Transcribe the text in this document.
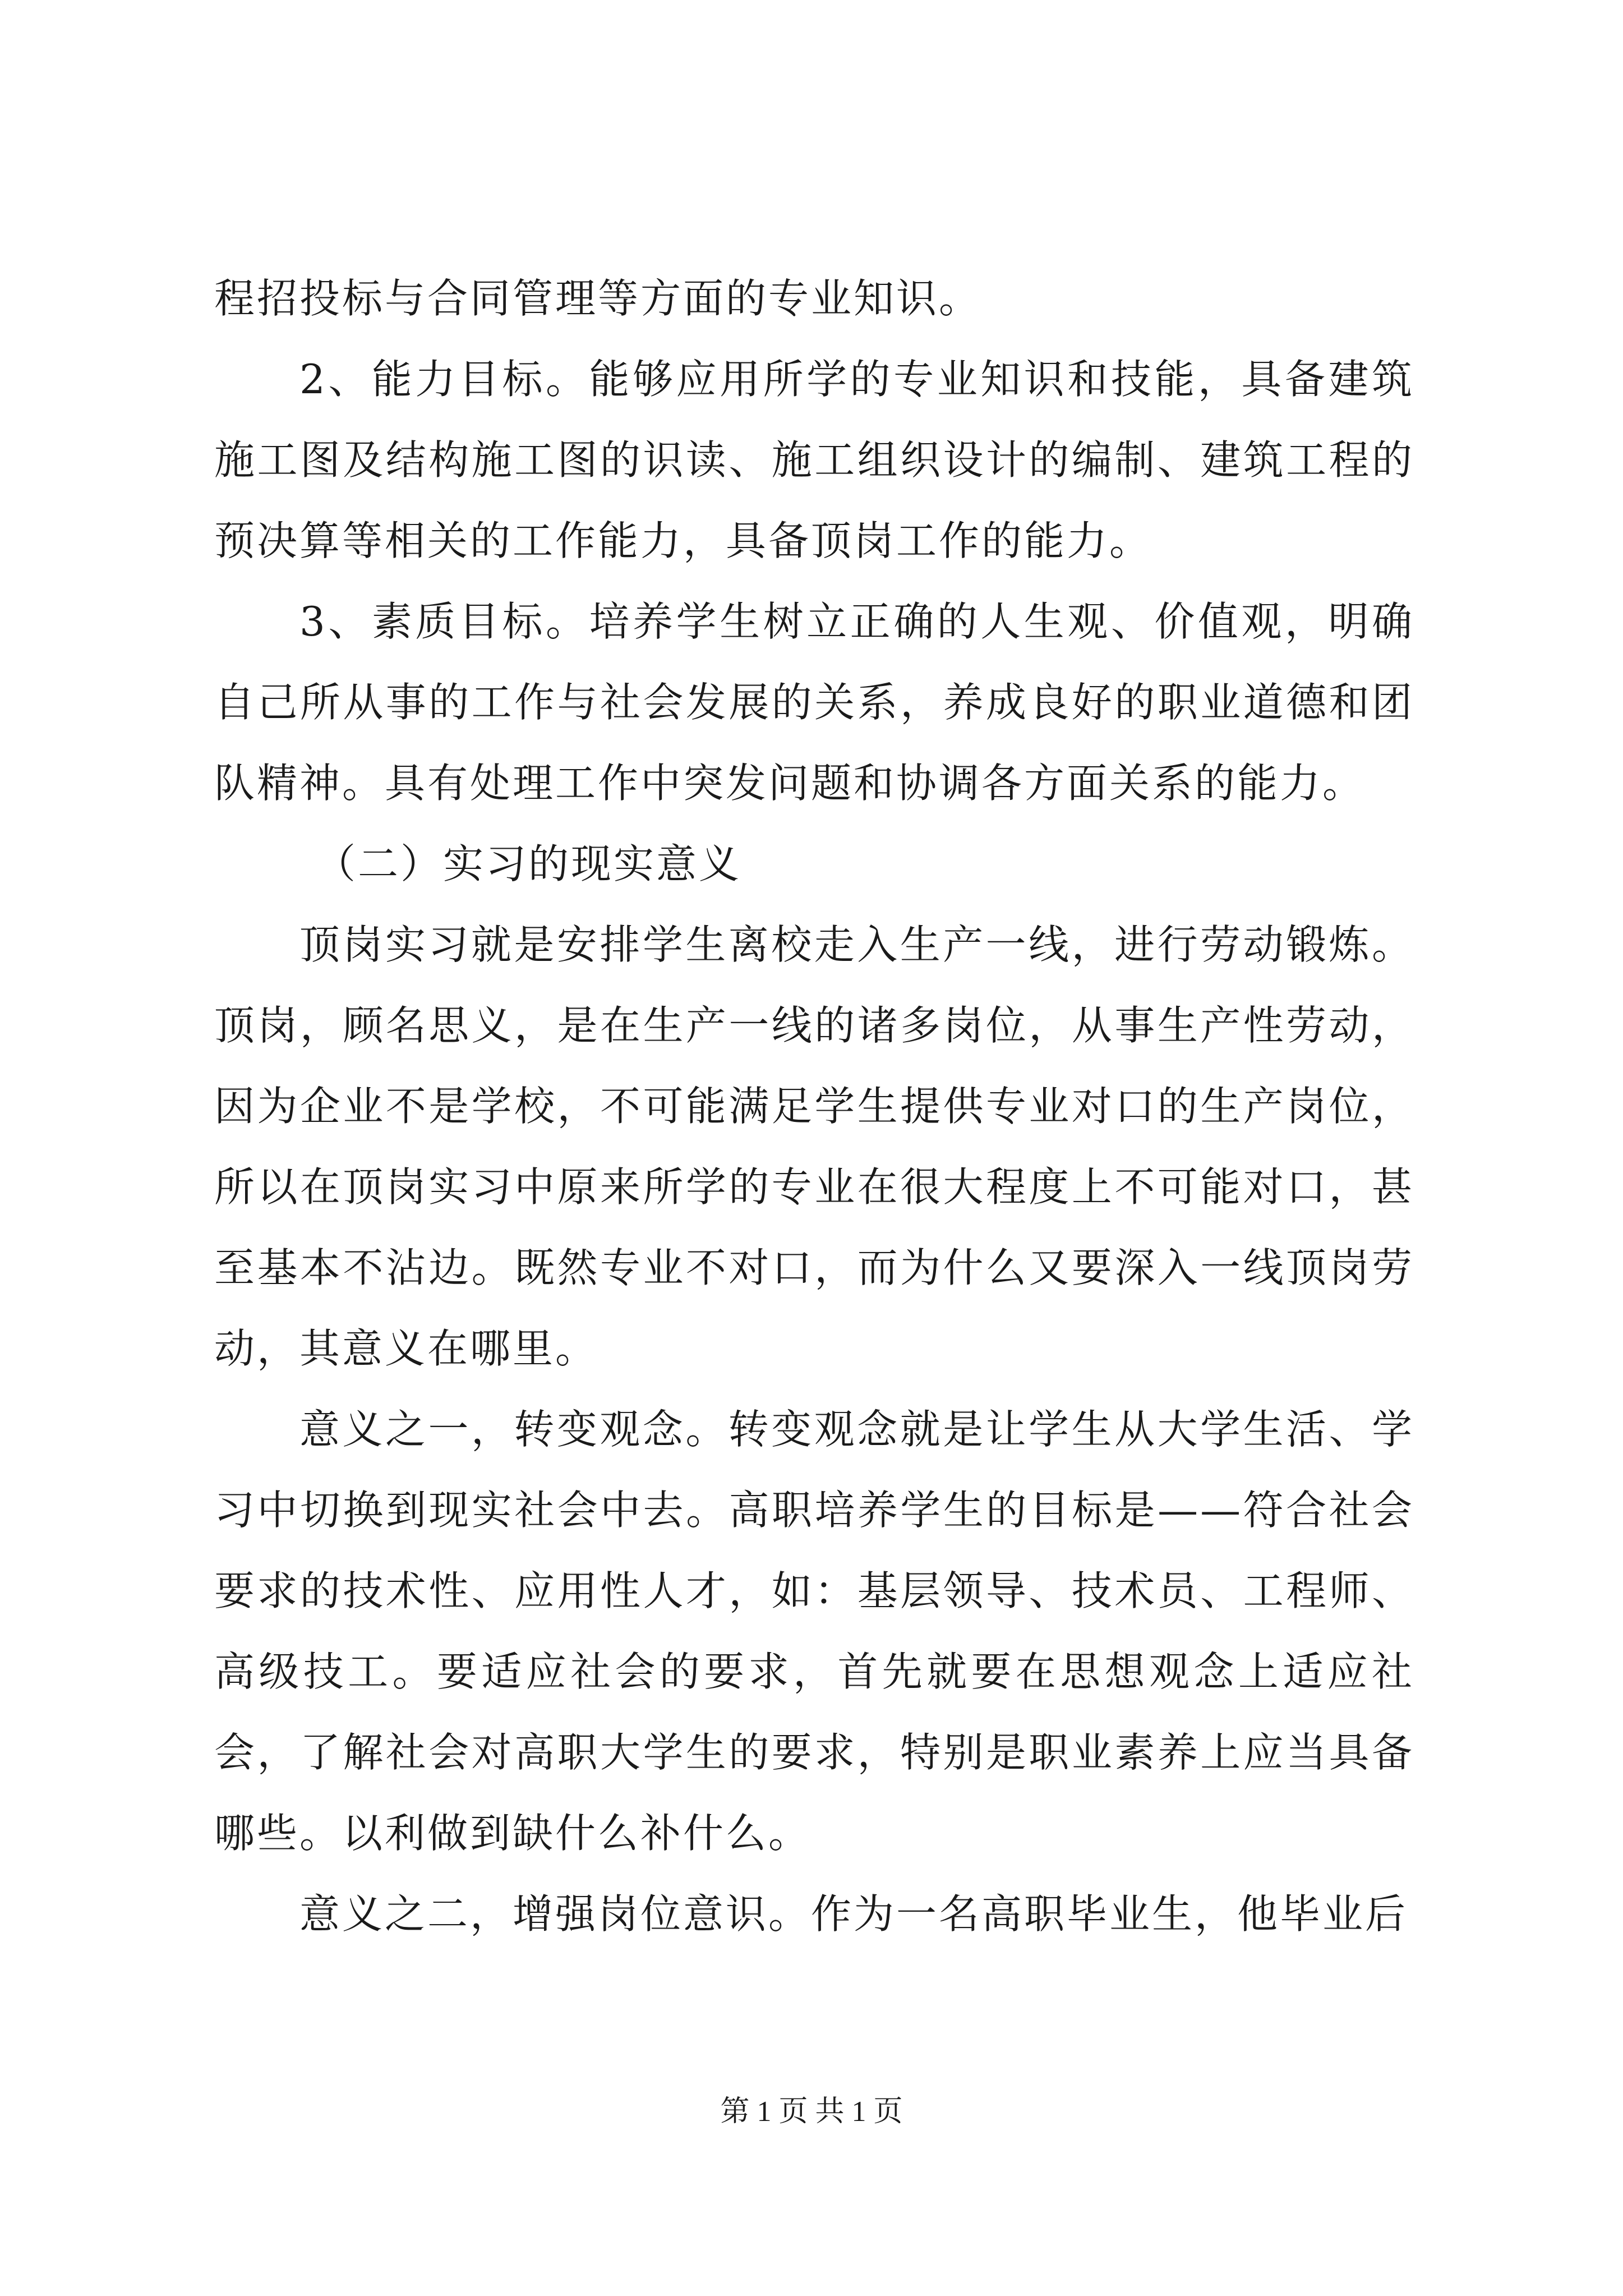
程招投标与合同管理等方面的专业知识。

2、能力目标。能够应用所学的专业知识和技能，具备建筑施工图及结构施工图的识读、施工组织设计的编制、建筑工程的预决算等相关的工作能力，具备顶岗工作的能力。

3、素质目标。培养学生树立正确的人生观、价值观，明确自己所从事的工作与社会发展的关系，养成良好的职业道德和团队精神。具有处理工作中突发问题和协调各方面关系的能力。

（二）实习的现实意义

顶岗实习就是安排学生离校走入生产一线，进行劳动锻炼。顶岗，顾名思义，是在生产一线的诸多岗位，从事生产性劳动，因为企业不是学校，不可能满足学生提供专业对口的生产岗位，所以在顶岗实习中原来所学的专业在很大程度上不可能对口，甚至基本不沾边。既然专业不对口，而为什么又要深入一线顶岗劳动，其意义在哪里。

意义之一，转变观念。转变观念就是让学生从大学生活、学习中切换到现实社会中去。高职培养学生的目标是——符合社会要求的技术性、应用性人才，如：基层领导、技术员、工程师、高级技工。要适应社会的要求，首先就要在思想观念上适应社会，了解社会对高职大学生的要求，特别是职业素养上应当具备哪些。以利做到缺什么补什么。

意义之二，增强岗位意识。作为一名高职毕业生，他毕业后

第 1 页 共 1 页
